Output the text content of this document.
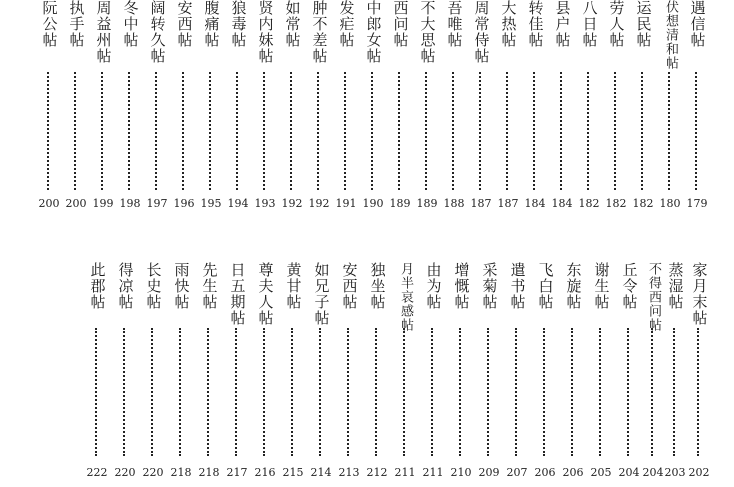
阮公帖
200
执手帖
200
周益州帖
199
冬中帖
198
阔转久帖
197
安西帖
196
腹痛帖
195
狼毒帖
194
贤内妹帖
193
如常帖
192
肿不差帖
192
发疟帖
191
中郎女帖
190
西问帖
189
不大思帖
189
吾唯帖
188
周常侍帖
187
大热帖
187
转佳帖
184
县户帖
184
八日帖
182
劳人帖
182
运民帖
182
伏想清和帖
180
遇信帖
179
此郡帖
222
得凉帖
220
长史帖
220
雨快帖
218
先生帖
218
日五期帖
217
尊夫人帖
216
黄甘帖
215
如兄子帖
214
安西帖
213
独坐帖
212
月半哀感帖
211
由为帖
211
增慨帖
210
采菊帖
209
遣书帖
207
飞白帖
206
东旋帖
206
谢生帖
205
丘令帖
204
不得西问帖
204
蒸湿帖
203
家月末帖
202
